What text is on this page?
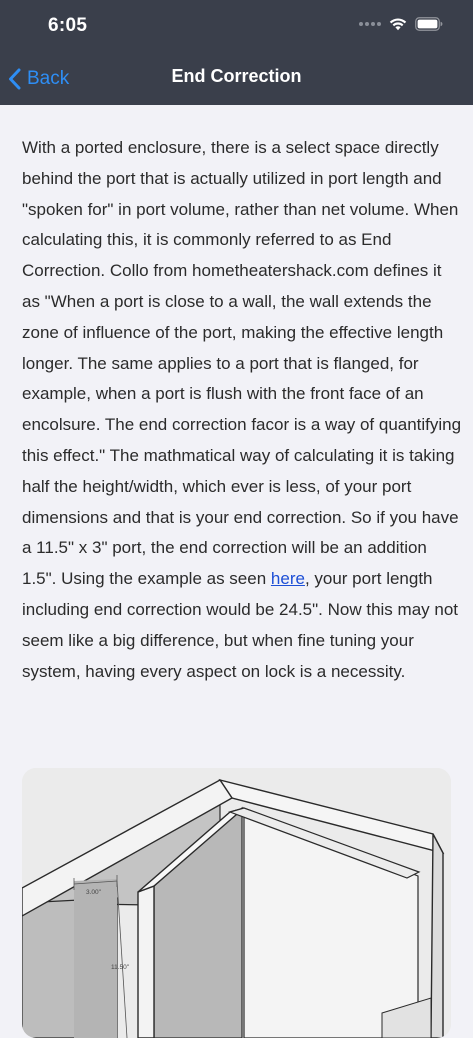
6:05
Back	End Correction

With a ported enclosure, there is a select space directly behind the port that is actually utilized in port length and "spoken for" in port volume, rather than net volume. When calculating this, it is commonly referred to as End Correction. Collo from hometheatershack.com defines it as "When a port is close to a wall, the wall extends the zone of influence of the port, making the effective length longer. The same applies to a port that is flanged, for example, when a port is flush with the front face of an encolsure. The end correction facor is a way of quantifying this effect." The mathmatical way of calculating it is taking half the height/width, which ever is less, of your port dimensions and that is your end correction. So if you have a 11.5" x 3" port, the end correction will be an addition 1.5". Using the example as seen here, your port length including end correction would be 24.5". Now this may not seem like a big difference, but when fine tuning your system, having every aspect on lock is a necessity.

3.00"
11.50"
